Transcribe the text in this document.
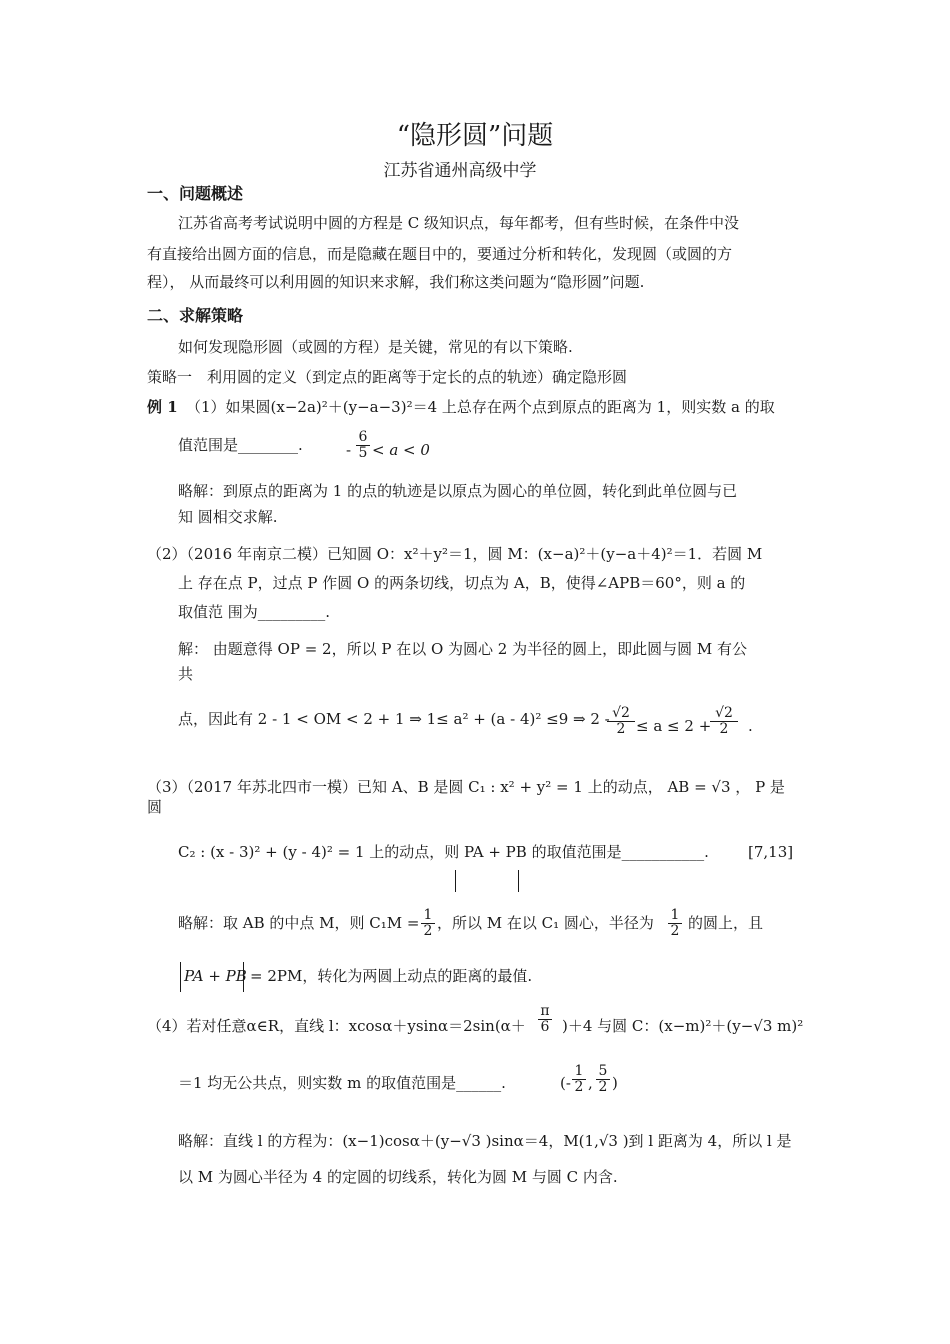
“隐形圆”问题
江苏省通州高级中学
一、问题概述
江苏省高考考试说明中圆的方程是 C 级知识点，每年都考，但有些时候，在条件中没
有直接给出圆方面的信息，而是隐藏在题目中的，要通过分析和转化，发现圆（或圆的方
程）， 从而最终可以利用圆的知识来求解，我们称这类问题为“隐形圆”问题.
二、求解策略
如何发现隐形圆（或圆的方程）是关键，常见的有以下策略.
策略一　利用圆的定义（到定点的距离等于定长的点的轨迹）确定隐形圆
例 1 （1）如果圆(x−2a)²＋(y−a−3)²＝4 上总存在两个点到原点的距离为 1，则实数 a 的取
值范围是________.	- $\frac{6}{5} < a < 0$
略解：到原点的距离为 1 的点的轨迹是以原点为圆心的单位圆，转化到此单位圆与已
知 圆相交求解.
（2）（2016 年南京二模）已知圆 O：x²＋y²＝1，圆 M：(x−a)²＋(y−a＋4)²＝1．若圆 M
上 存在点 P，过点 P 作圆 O 的两条切线，切点为 A，B，使得∠APB＝60°，则 a 的
取值范 围为_________.
解： 由题意得 OP = 2，所以 P 在以 O 为圆心 2 为半径的圆上，即此圆与圆 M 有公
共
点，因此有 2 - 1 < OM < 2 + 1 ⇒ 1≤ a² + (a - 4)² ≤9 ⇒ 2 -
$\frac{√2}{2} \le a \le 2$ +
$\frac{√2}{2}$ .
（3）（2017 年苏北四市一模）已知 A、B 是圆 C₁ : x² + y² = 1 上的动点， AB = √3 ， P 是
圆
C₂ : (x - 3)² + (y - 4)² = 1 上的动点，则 PA + PB 的取值范围是___________.	[7,13]
略解：取 AB 的中点 M，则 $C_1M = \frac{1}{2}$ ，所以 M 在以 C₁ 圆心，半径为 $\frac{1}{2}$ 的圆上，且
PA + PB = 2PM，转化为两圆上动点的距离的最值.
（4）若对任意α∈R，直线 l：$xcos\alpha+ysin\alpha=2\sin(\alpha+ \frac{\pi}{6} )+4$ 与圆 C：(x−m)²＋(y−√3 m)²
＝1 均无公共点，则实数 m 的取值范围是______.	(- $\frac{1}{2}$ , $\frac{5}{2}$ )
略解：直线 l 的方程为：(x−1)cosα＋(y−√3 )sinα＝4，M(1,√3 )到 l 距离为 4，所以 l 是
以 M 为圆心半径为 4 的定圆的切线系，转化为圆 M 与圆 C 内含.
